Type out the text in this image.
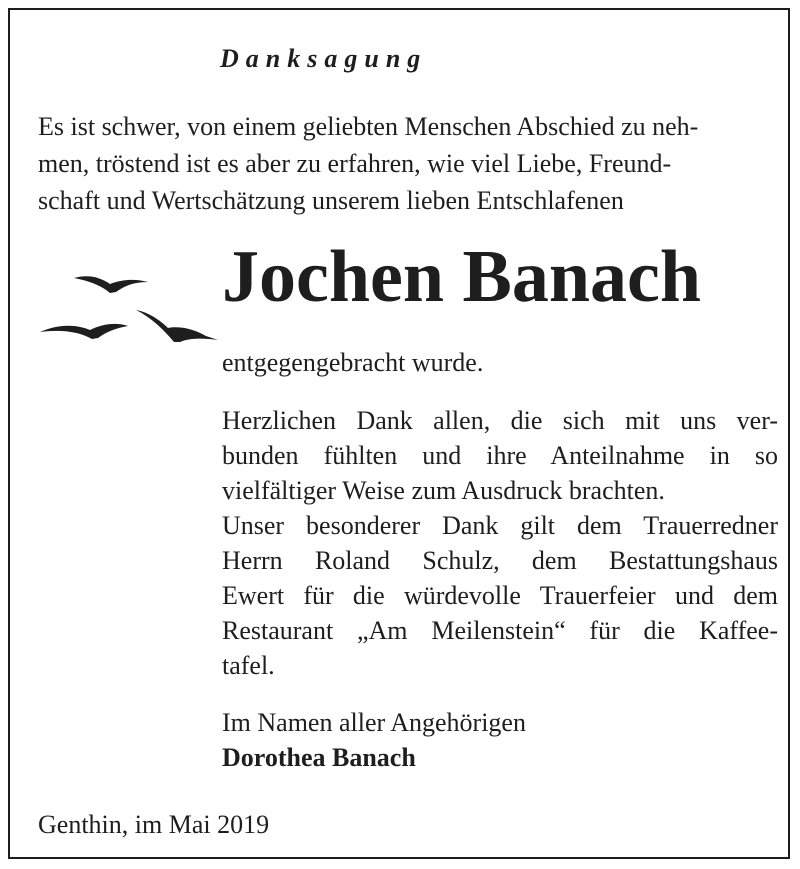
Danksagung
Es ist schwer, von einem geliebten Menschen Abschied zu neh-
men, tröstend ist es aber zu erfahren, wie viel Liebe, Freund-
schaft und Wertschätzung unserem lieben Entschlafenen
Jochen Banach
entgegengebracht wurde.
Herzlichen Dank allen, die sich mit uns ver-
bunden fühlten und ihre Anteilnahme in so
vielfältiger Weise zum Ausdruck brachten.
Unser besonderer Dank gilt dem Trauerredner
Herrn Roland Schulz, dem Bestattungshaus
Ewert für die würdevolle Trauerfeier und dem
Restaurant „Am Meilenstein“ für die Kaffee-
tafel.
Im Namen aller Angehörigen
Dorothea Banach
Genthin, im Mai 2019
